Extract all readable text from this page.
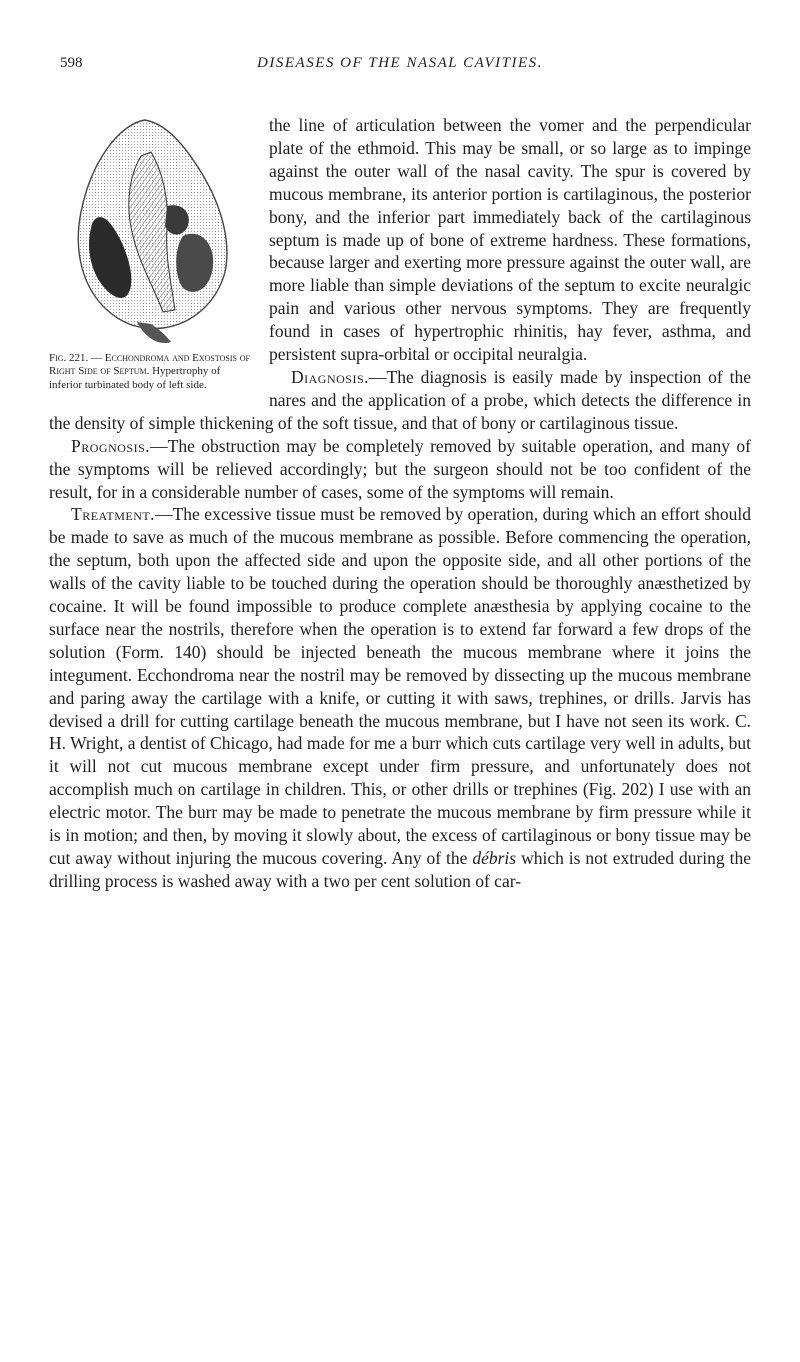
598	DISEASES OF THE NASAL CAVITIES.
Fig. 221. — Ecchondroma and Exostosis of Right Side of Septum. Hypertrophy of inferior turbinated body of left side.

the line of articulation between the vomer and the perpendicular plate of the ethmoid. This may be small, or so large as to impinge against the outer wall of the nasal cavity. The spur is covered by mucous membrane, its anterior portion is cartilaginous, the posterior bony, and the inferior part immediately back of the cartilaginous septum is made up of bone of extreme hardness. These formations, because larger and exerting more pressure against the outer wall, are more liable than simple deviations of the septum to excite neuralgic pain and various other nervous symptoms. They are frequently found in cases of hypertrophic rhinitis, hay fever, asthma, and persistent supra-orbital or occipital neuralgia.

Diagnosis.—The diagnosis is easily made by inspection of the nares and the application of a probe, which detects the difference in the density of simple thickening of the soft tissue, and that of bony or cartilaginous tissue.

Prognosis.—The obstruction may be completely removed by suitable operation, and many of the symptoms will be relieved accordingly; but the surgeon should not be too confident of the result, for in a considerable number of cases, some of the symptoms will remain.

Treatment.—The excessive tissue must be removed by operation, during which an effort should be made to save as much of the mucous membrane as possible. Before commencing the operation, the septum, both upon the affected side and upon the opposite side, and all other portions of the walls of the cavity liable to be touched during the operation should be thoroughly anæsthetized by cocaine. It will be found impossible to produce complete anæsthesia by applying cocaine to the surface near the nostrils, therefore when the operation is to extend far forward a few drops of the solution (Form. 140) should be injected beneath the mucous membrane where it joins the integument. Ecchondroma near the nostril may be removed by dissecting up the mucous membrane and paring away the cartilage with a knife, or cutting it with saws, trephines, or drills. Jarvis has devised a drill for cutting cartilage beneath the mucous membrane, but I have not seen its work. C. H. Wright, a dentist of Chicago, had made for me a burr which cuts cartilage very well in adults, but it will not cut mucous membrane except under firm pressure, and unfortunately does not accomplish much on cartilage in children. This, or other drills or trephines (Fig. 202) I use with an electric motor. The burr may be made to penetrate the mucous membrane by firm pressure while it is in motion; and then, by moving it slowly about, the excess of cartilaginous or bony tissue may be cut away without injuring the mucous covering. Any of the débris which is not extruded during the drilling process is washed away with a two per cent solution of car-
